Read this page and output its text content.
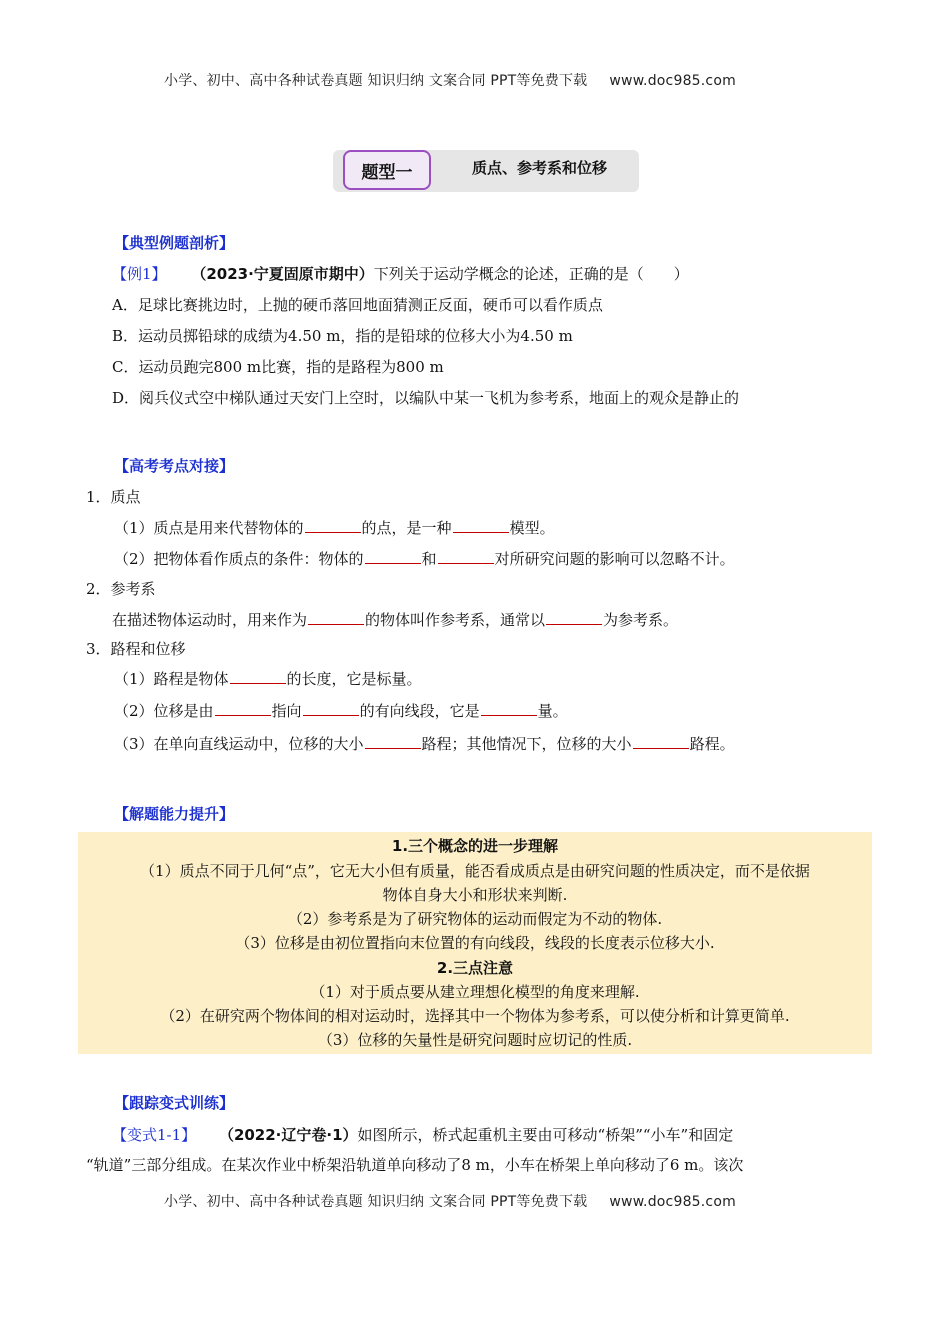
小学、初中、高中各种试卷真题 知识归纳 文案合同 PPT等免费下载 www.doc985.com
题型一	质点、参考系和位移
【典型例题剖析】
【例1】 （2023·宁夏固原市期中）下列关于运动学概念的论述，正确的是（　　）
A．足球比赛挑边时，上抛的硬币落回地面猜测正反面，硬币可以看作质点
B．运动员掷铅球的成绩为4.50 m，指的是铅球的位移大小为4.50 m
C．运动员跑完800 m比赛，指的是路程为800 m
D．阅兵仪式空中梯队通过天安门上空时，以编队中某一飞机为参考系，地面上的观众是静止的
【高考考点对接】
1．质点
（1）质点是用来代替物体的	的点，是一种	模型。
（2）把物体看作质点的条件：物体的	和	对所研究问题的影响可以忽略不计。
2．参考系
在描述物体运动时，用来作为	的物体叫作参考系，通常以	为参考系。
3．路程和位移
（1）路程是物体	的长度，它是标量。
（2）位移是由	指向	的有向线段，它是	量。
（3）在单向直线运动中，位移的大小	路程；其他情况下，位移的大小	路程。
【解题能力提升】
1.三个概念的进一步理解
（1）质点不同于几何“点”，它无大小但有质量，能否看成质点是由研究问题的性质决定，而不是依据
物体自身大小和形状来判断.
（2）参考系是为了研究物体的运动而假定为不动的物体.
（3）位移是由初位置指向末位置的有向线段，线段的长度表示位移大小.
2.三点注意
（1）对于质点要从建立理想化模型的角度来理解.
（2）在研究两个物体间的相对运动时，选择其中一个物体为参考系，可以使分析和计算更简单.
（3）位移的矢量性是研究问题时应切记的性质.
【跟踪变式训练】
【变式1-1】 （2022·辽宁卷·1）如图所示，桥式起重机主要由可移动“桥架”“小车”和固定
“轨道”三部分组成。在某次作业中桥架沿轨道单向移动了8 m，小车在桥架上单向移动了6 m。该次
小学、初中、高中各种试卷真题 知识归纳 文案合同 PPT等免费下载 www.doc985.com
